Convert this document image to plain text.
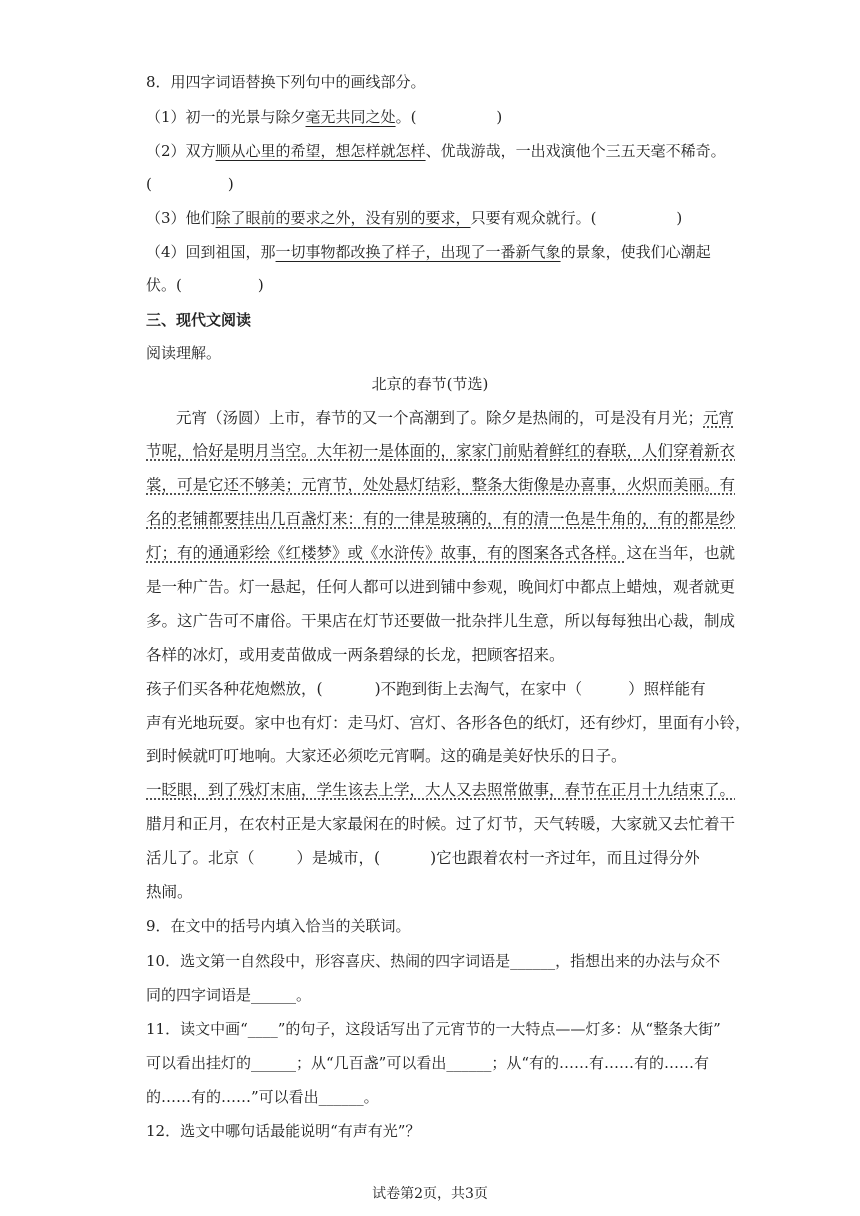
8．用四字词语替换下列句中的画线部分。
（1）初一的光景与除夕毫无共同之处。(	)
（2）双方顺从心里的希望，想怎样就怎样、优哉游哉，一出戏演他个三五天毫不稀奇。
(	)
（3）他们除了眼前的要求之外，没有别的要求，只要有观众就行。(	)
（4）回到祖国，那一切事物都改换了样子，出现了一番新气象的景象，使我们心潮起
伏。(	)
三、现代文阅读
阅读理解。
北京的春节(节选)
元宵（汤圆）上市，春节的又一个高潮到了。除夕是热闹的，可是没有月光；元宵
节呢，恰好是明月当空。大年初一是体面的，家家门前贴着鲜红的春联，人们穿着新衣
裳，可是它还不够美；元宵节，处处悬灯结彩，整条大街像是办喜事，火炽而美丽。有
名的老铺都要挂出几百盏灯来：有的一律是玻璃的，有的清一色是牛角的，有的都是纱
灯；有的通通彩绘《红楼梦》或《水浒传》故事，有的图案各式各样。这在当年，也就
是一种广告。灯一悬起，任何人都可以进到铺中参观，晚间灯中都点上蜡烛，观者就更
多。这广告可不庸俗。干果店在灯节还要做一批杂拌儿生意，所以每每独出心裁，制成
各样的冰灯，或用麦苗做成一两条碧绿的长龙，把顾客招来。
孩子们买各种花炮燃放，(	)不跑到街上去淘气，在家中（	）照样能有
声有光地玩耍。家中也有灯：走马灯、宫灯、各形各色的纸灯，还有纱灯，里面有小铃，
到时候就叮叮地响。大家还必须吃元宵啊。这的确是美好快乐的日子。
一眨眼，到了残灯末庙，学生该去上学，大人又去照常做事，春节在正月十九结束了。
腊月和正月，在农村正是大家最闲在的时候。过了灯节，天气转暖，大家就又去忙着干
活儿了。北京（	）是城市，(	)它也跟着农村一齐过年，而且过得分外
热闹。
9．在文中的括号内填入恰当的关联词。
10．选文第一自然段中，形容喜庆、热闹的四字词语是______，指想出来的办法与众不
同的四字词语是______。
11．读文中画“____”的句子，这段话写出了元宵节的一大特点——灯多：从“整条大街”
可以看出挂灯的______；从“几百盏”可以看出______；从“有的……有……有的……有
的……有的……”可以看出______。
12．选文中哪句话最能说明“有声有光”？
试卷第2页，共3页
